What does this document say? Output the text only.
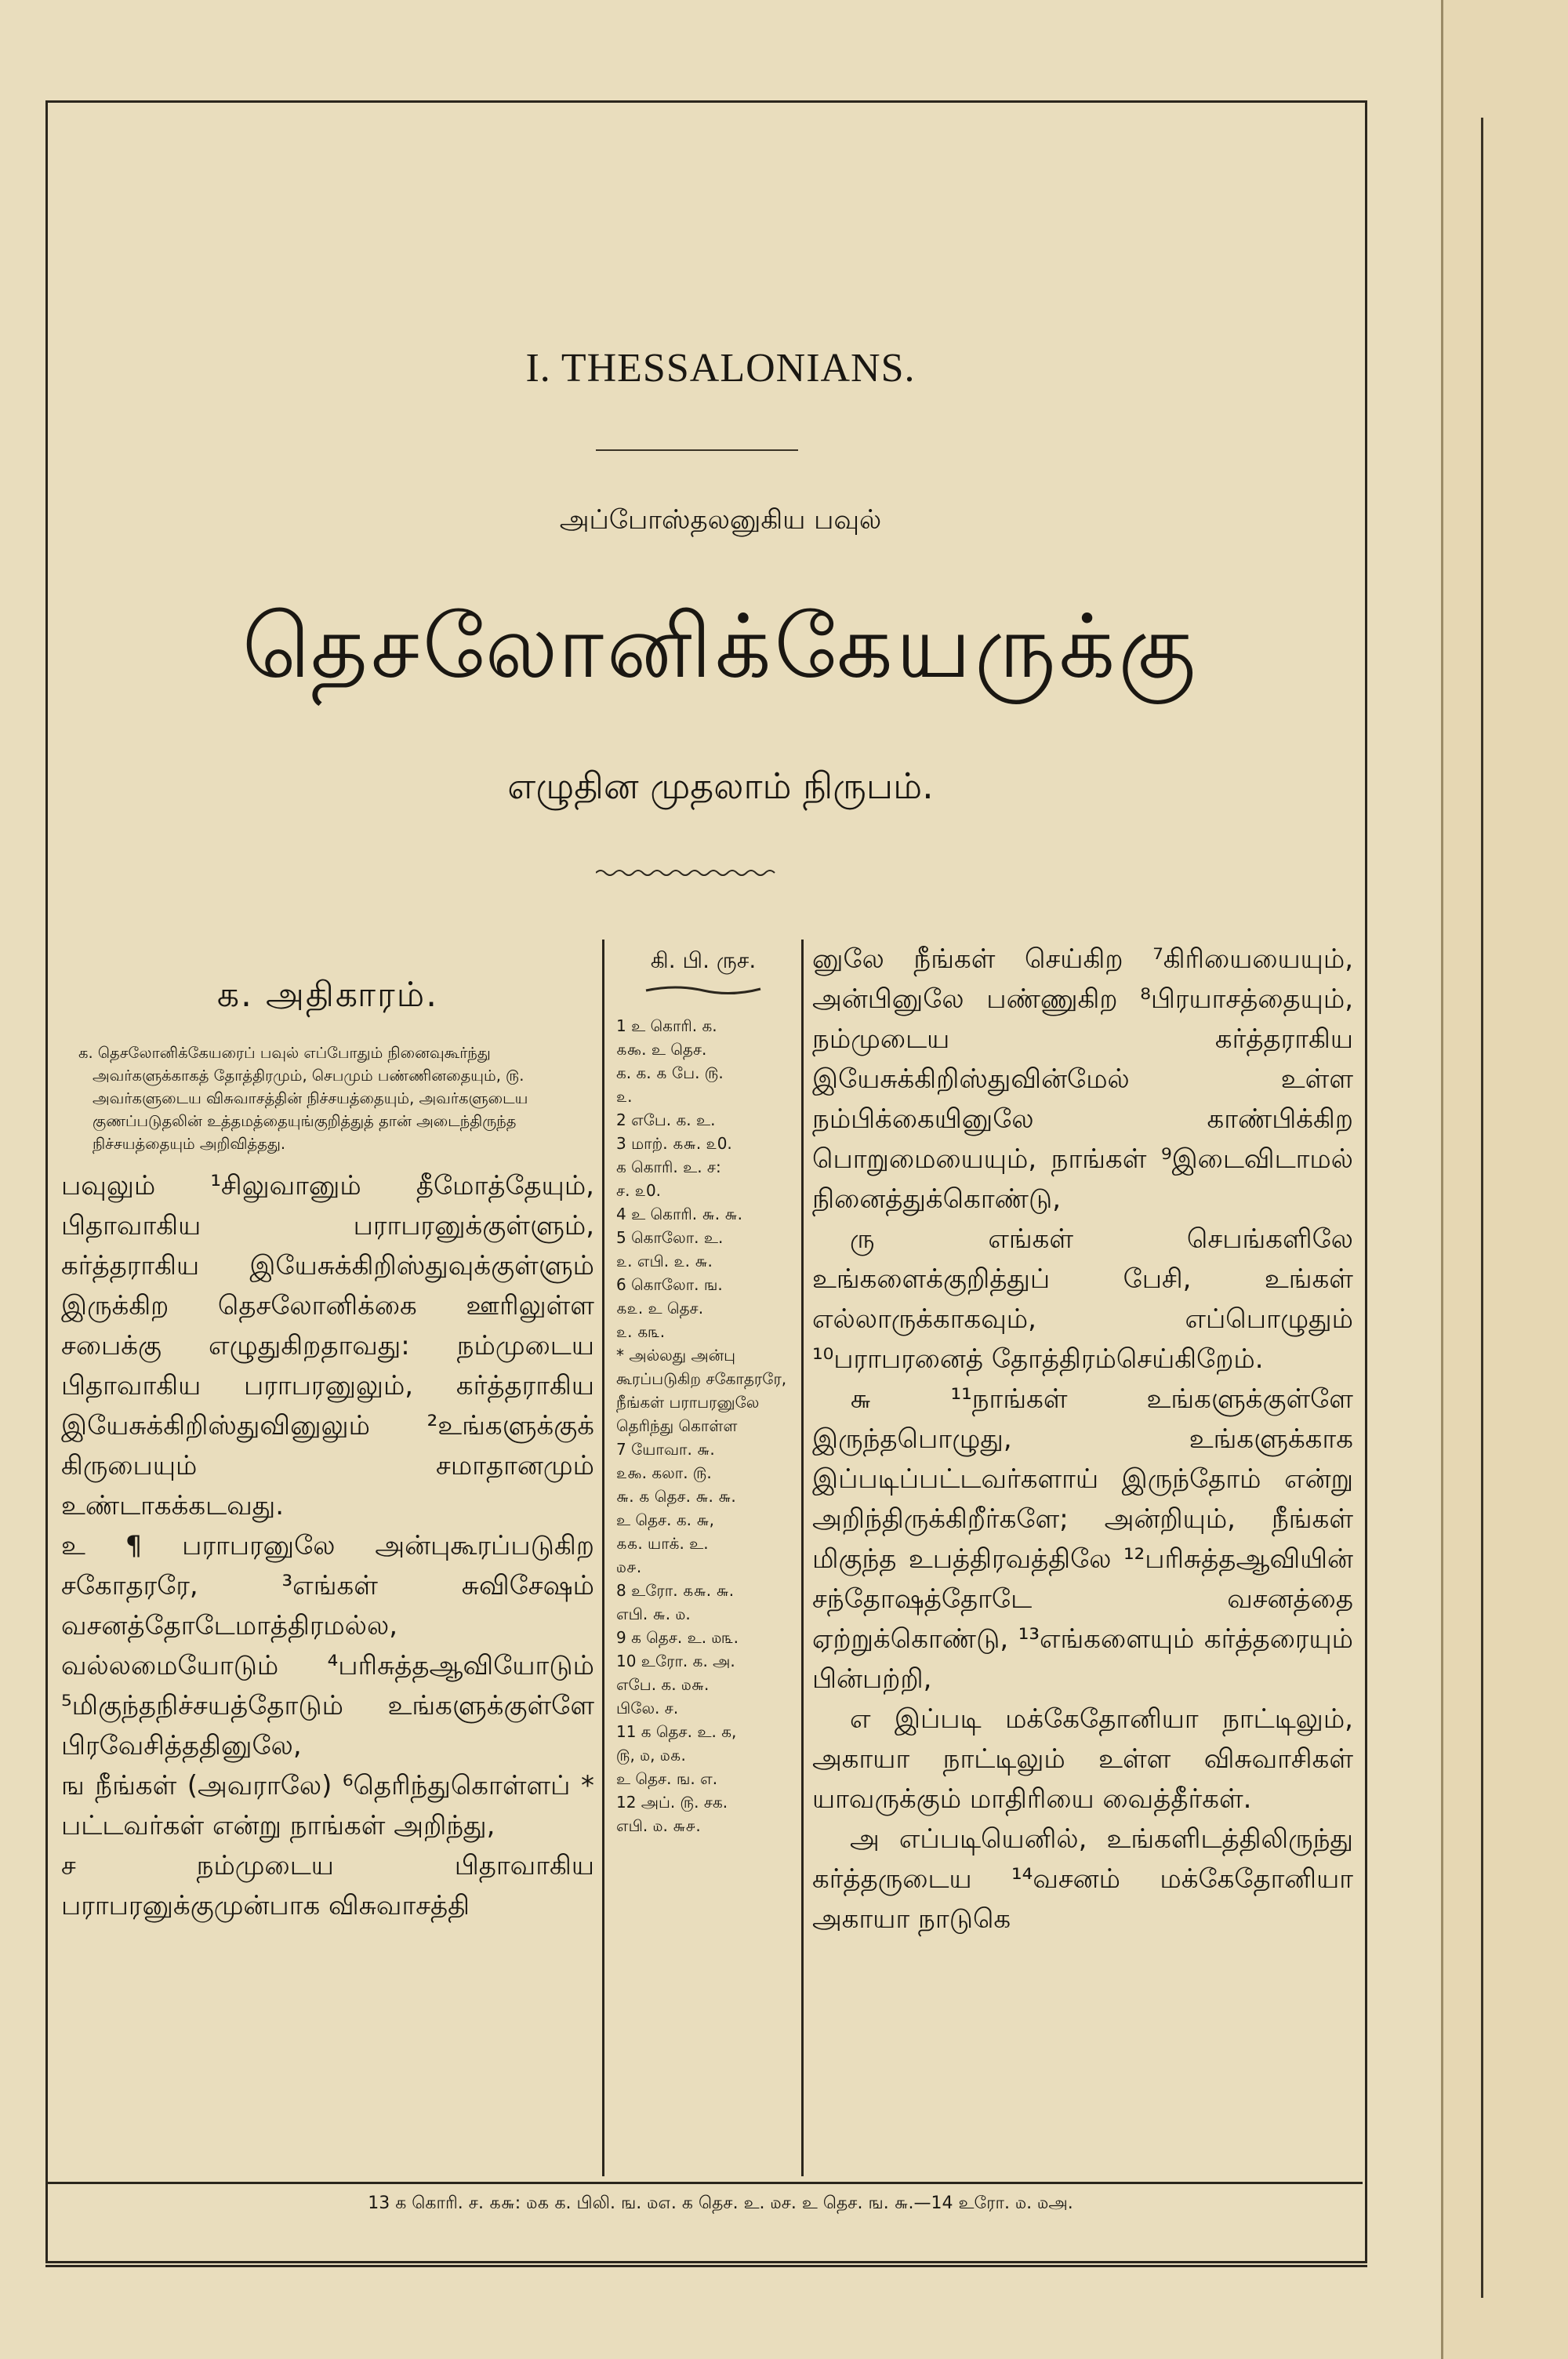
I. THESSALONIANS.
அப்போஸ்தலனுகிய பவுல்
தெசலோனிக்கேயருக்கு
எழுதின முதலாம் நிருபம்.
க. அதிகாரம்.
க. தெசலோனிக்கேயரைப் பவுல் எப்போதும் நினைவுகூர்ந்து அவர்களுக்காகத் தோத்திரமும், செபமும் பண்ணினதையும், ௫. அவர்களுடைய விசுவாசத்தின் நிச்சயத்தையும், அவர்களுடைய குணப்படுதலின் உத்தமத்தையுங்குறித்துத் தான் அடைந்திருந்த நிச்சயத்தையும் அறிவித்தது.

பவுலும் ¹சிலுவானும் தீமோத்தேயும், பிதாவாகிய பராபரனுக்குள்ளும், கர்த்தராகிய இயேசுக்கிறிஸ்துவுக்குள்ளும் இருக்கிற தெசலோனிக்கை ஊரிலுள்ள சபைக்கு எழுதுகிறதாவது: நம்முடைய பிதாவாகிய பராபரனுலும், கர்த்தராகிய இயேசுக்கிறிஸ்துவினுலும் ²உங்களுக்குக் கிருபையும் சமாதானமும் உண்டாகக்கடவது.

உ ¶ பராபரனுலே அன்புகூரப்படுகிற சகோதரரே, ³எங்கள் சுவிசேஷம் வசனத்தோடேமாத்திரமல்ல, வல்லமையோடும் ⁴பரிசுத்தஆவியோடும் ⁵மிகுந்தநிச்சயத்தோடும் உங்களுக்குள்ளே பிரவேசித்ததினுலே,

ங நீங்கள் (அவராலே) ⁶தெரிந்துகொள்ளப் * பட்டவர்கள் என்று நாங்கள் அறிந்து,

ச நம்முடைய பிதாவாகிய பராபரனுக்குமுன்பாக விசுவாசத்தி

கி. பி. ருச.
1 உ கொரி. க.
௧௯. உ தெச.
க. க. ௧ பே. ௫.
௨.
2 எபே. க. உ.
3 மாற். ௧௬. ௨0.
க கொரி. உ. ச:
ச. ௨0.
4 உ கொரி. ௬. ௬.
5 கொலோ. உ.
௨. எபி. ௨. ௬.
6 கொலோ. ங.
௧௨. உ தெச.
௨. ௧௩.
* அல்லது அன்பு கூரப்படுகிற சகோதரரே, நீங்கள் பராபரனுலே தெரிந்து கொள்ள
7 யோவா. ௬.
௨௯. கலா. ௫.
௬. ௧ தெச. ௬. ௬.
உ தெச. க. ௬,
௧௧. யாக். உ.
௰௪.
8 உரோ. ௧௬. ௬.
எபி. ௬. ௰.
9 க தெச. உ. ௰௩.
10 உரோ. க. அ.
எபே. க. ௰௬.
பிலே. ச.
11 க தெச. உ. க,
௫, ௰, ௰௧.
உ தெச. ங. எ.
12 அப். ௫. சக.
எபி. ௰. ௬௪.

னுலே நீங்கள் செய்கிற ⁷கிரியையையும், அன்பினுலே பண்ணுகிற ⁸பிரயாசத்தையும், நம்முடைய கர்த்தராகிய இயேசுக்கிறிஸ்துவின்மேல் உள்ள நம்பிக்கையினுலே காண்பிக்கிற பொறுமையையும், நாங்கள் ⁹இடைவிடாமல் நினைத்துக்கொண்டு,

ரு எங்கள் செபங்களிலே உங்களைக்குறித்துப் பேசி, உங்கள் எல்லாருக்காகவும், எப்பொழுதும் ¹⁰பராபரனைத் தோத்திரம்செய்கிறேம்.

௬ ¹¹நாங்கள் உங்களுக்குள்ளே இருந்தபொழுது, உங்களுக்காக இப்படிப்பட்டவர்களாய் இருந்தோம் என்று அறிந்திருக்கிறீர்களே; அன்றியும், நீங்கள் மிகுந்த உபத்திரவத்திலே ¹²பரிசுத்தஆவியின் சந்தோஷத்தோடே வசனத்தை ஏற்றுக்கொண்டு, ¹³எங்களையும் கர்த்தரையும் பின்பற்றி,

எ இப்படி மக்கேதோனியா நாட்டிலும், அகாயா நாட்டிலும் உள்ள விசுவாசிகள் யாவருக்கும் மாதிரியை வைத்தீர்கள்.

அ எப்படியெனில், உங்களிடத்திலிருந்து கர்த்தருடைய ¹⁴வசனம் மக்கேதோனியா அகாயா நாடுகெ

13 க கொரி. ச. ௧௬: ௰௧ க. பிலி. ங. ௰௭. க தெச. உ. ௰ச. உ தெச. ங. ௬.—14 உரோ. ௰. ௰அ.
